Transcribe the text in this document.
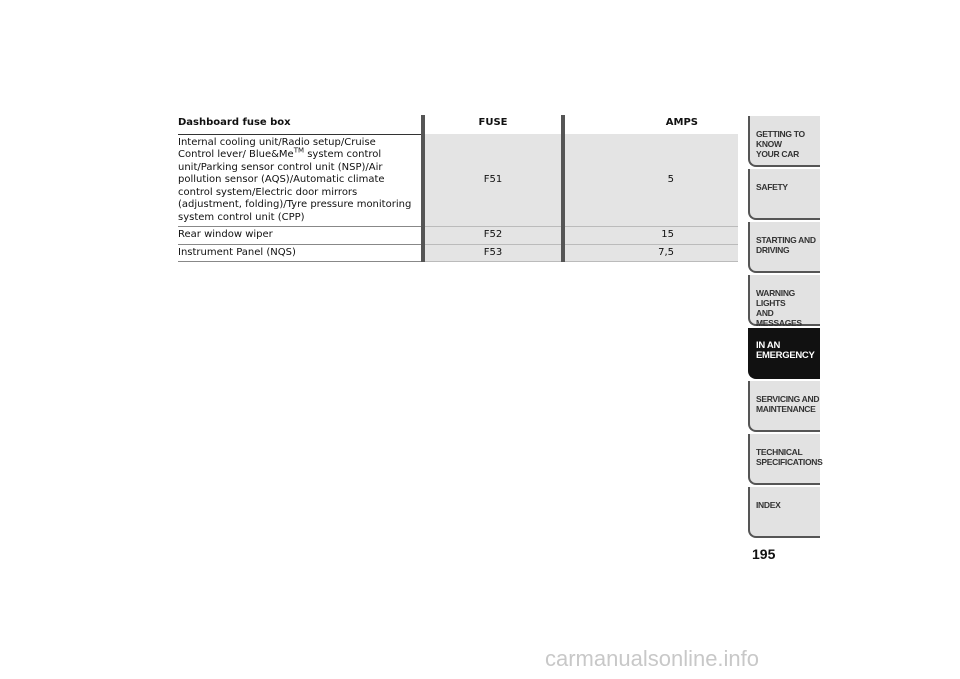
Dashboard fuse box	FUSE	AMPS
Internal cooling unit/Radio setup/Cruise Control lever/ Blue&Me™ system control unit/Parking sensor control unit (NSP)/Air pollution sensor (AQS)/Automatic climate control system/Electric door mirrors (adjustment, folding)/Tyre pressure monitoring system control unit (CPP)	F51	5
Rear window wiper	F52	15
Instrument Panel (NQS)	F53	7,5
GETTING TO KNOW
YOUR CAR
SAFETY
STARTING AND
DRIVING
WARNING LIGHTS
AND MESSAGES
IN AN
EMERGENCY
SERVICING AND
MAINTENANCE
TECHNICAL
SPECIFICATIONS
INDEX
195
carmanualsonline.info
